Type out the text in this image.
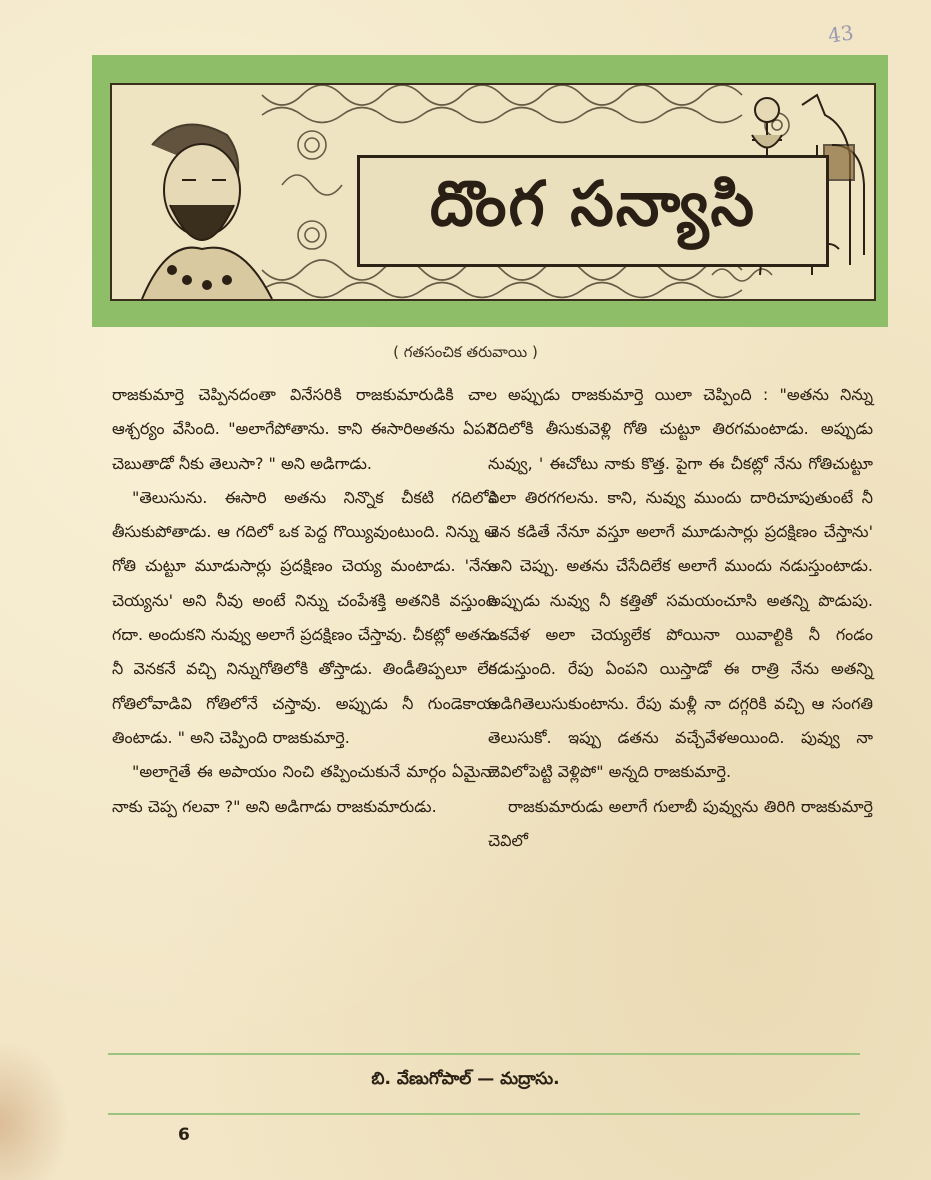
43
దొంగ సన్యాసి
( గతసంచిక తరువాయి )

రాజకుమార్తె చెప్పినదంతా వినేసరికి రాజకుమారుడికి చాల ఆశ్చర్యం వేసింది. "అలాగేపోతాను. కాని ఈసారిఅతను ఏపని చెబుతాడో నీకు తెలుసా? " అని అడిగాడు.

"తెలుసును. ఈసారి అతను నిన్నొక చీకటి గదిలోకి తీసుకుపోతాడు. ఆ గదిలో ఒక పెద్ద గొయ్యివుంటుంది. నిన్ను ఆ గోతి చుట్టూ మూడుసార్లు ప్రదక్షిణం చెయ్య మంటాడు. 'నేను చెయ్యను' అని నీవు అంటే నిన్ను చంపేశక్తి అతనికి వస్తుంది గదా. అందుకని నువ్వు అలాగే ప్రదక్షిణం చేస్తావు. చీకట్లో అతను నీ వెనకనే వచ్చి నిన్నుగోతిలోకి తోస్తాడు. తిండీతిప్పలూ లేక గోతిలోవాడివి గోతిలోనే చస్తావు. అప్పుడు నీ గుండెకాయ తింటాడు. " అని చెప్పింది రాజకుమార్తె.

"అలాగైతే ఈ అపాయం నించి తప్పించుకునే మార్గం ఏమైనా నాకు చెప్ప గలవా ?" అని అడిగాడు రాజకుమారుడు.

అప్పుడు రాజకుమార్తె యిలా చెప్పింది : "అతను నిన్ను గదిలోకి తీసుకువెళ్లి గోతి చుట్టూ తిరగమంటాడు. అప్పుడు నువ్వు, ' ఈచోటు నాకు కొత్త. పైగా ఈ చీకట్లో నేను గోతిచుట్టూ ఎలా తిరగగలను. కాని, నువ్వు ముందు దారిచూపుతుంటే నీ వెన కడితే నేనూ వస్తూ అలాగే మూడుసార్లు ప్రదక్షిణం చేస్తాను' అని చెప్పు. అతను చేసేదిలేక అలాగే ముందు నడుస్తుంటాడు. అప్పుడు నువ్వు నీ కత్తితో సమయంచూసి అతన్ని పొడుపు. ఒకవేళ అలా చెయ్యలేక పోయినా యివాల్టికి నీ గండం గడుస్తుంది. రేపు ఏంపని యిస్తాడో ఈ రాత్రి నేను అతన్ని అడిగితెలుసుకుంటాను. రేపు మళ్లీ నా దగ్గరికి వచ్చి ఆ సంగతి తెలుసుకో. ఇప్పు డతను వచ్చేవేళఅయింది. పువ్వు నా చెవిలోపెట్టి వెళ్లిపో" అన్నది రాజకుమార్తె.

రాజకుమారుడు అలాగే గులాబీ పువ్వును తిరిగి రాజకుమార్తె చెవిలో

బి. వేణుగోపాల్ — మద్రాసు.
6
